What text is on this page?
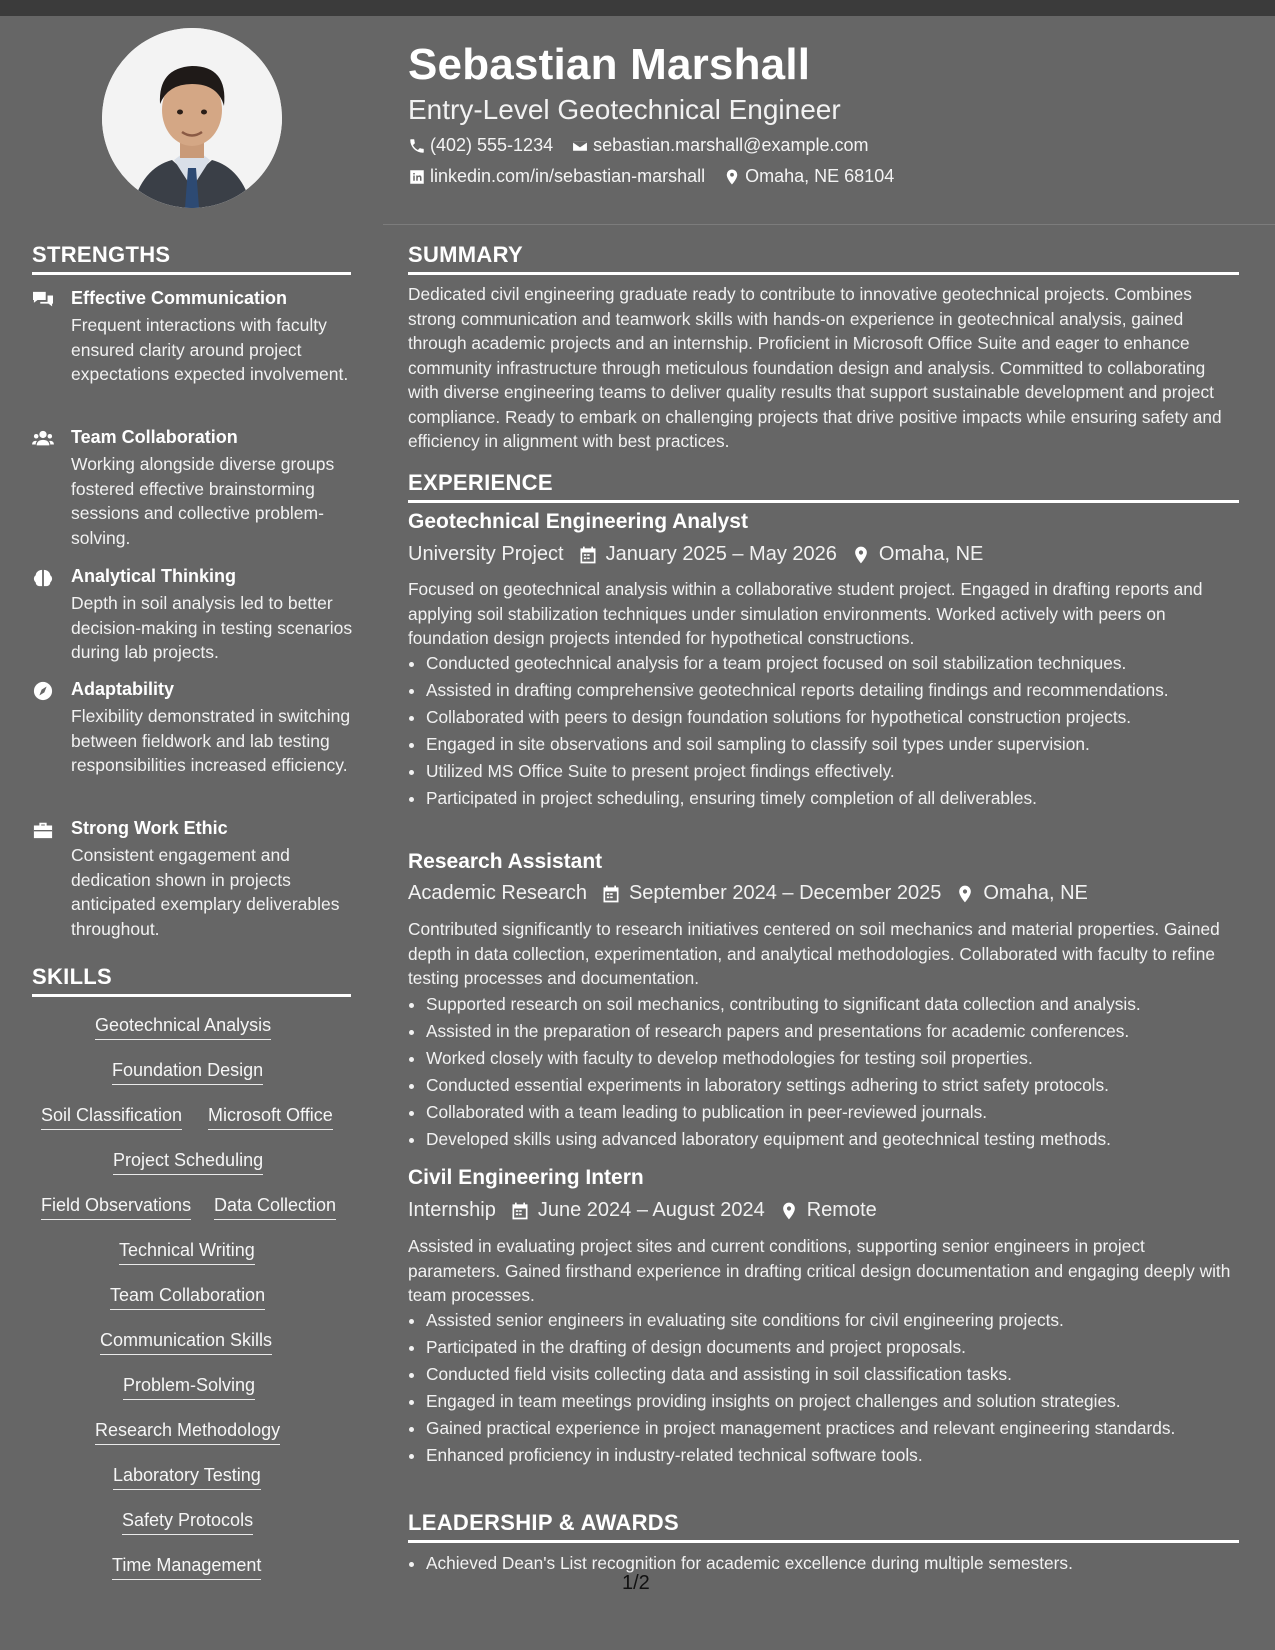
Sebastian Marshall
Entry-Level Geotechnical Engineer
(402) 555-1234 sebastian.marshall@example.com
linkedin.com/in/sebastian-marshall Omaha, NE 68104
STRENGTHS
Effective Communication
Frequent interactions with faculty ensured clarity around project expectations expected involvement.
Team Collaboration
Working alongside diverse groups fostered effective brainstorming sessions and collective problem-solving.
Analytical Thinking
Depth in soil analysis led to better decision-making in testing scenarios during lab projects.
Adaptability
Flexibility demonstrated in switching between fieldwork and lab testing responsibilities increased efficiency.
Strong Work Ethic
Consistent engagement and dedication shown in projects anticipated exemplary deliverables throughout.
SKILLS
Geotechnical Analysis
Foundation Design
Soil Classification Microsoft Office
Project Scheduling
Field Observations Data Collection
Technical Writing
Team Collaboration
Communication Skills
Problem-Solving
Research Methodology
Laboratory Testing
Safety Protocols
Time Management
SUMMARY
Dedicated civil engineering graduate ready to contribute to innovative geotechnical projects. Combines strong communication and teamwork skills with hands-on experience in geotechnical analysis, gained through academic projects and an internship. Proficient in Microsoft Office Suite and eager to enhance community infrastructure through meticulous foundation design and analysis. Committed to collaborating with diverse engineering teams to deliver quality results that support sustainable development and project compliance. Ready to embark on challenging projects that drive positive impacts while ensuring safety and efficiency in alignment with best practices.
EXPERIENCE
Geotechnical Engineering Analyst
University Project January 2025 – May 2026 Omaha, NE
Focused on geotechnical analysis within a collaborative student project. Engaged in drafting reports and applying soil stabilization techniques under simulation environments. Worked actively with peers on foundation design projects intended for hypothetical constructions.
• Conducted geotechnical analysis for a team project focused on soil stabilization techniques.
• Assisted in drafting comprehensive geotechnical reports detailing findings and recommendations.
• Collaborated with peers to design foundation solutions for hypothetical construction projects.
• Engaged in site observations and soil sampling to classify soil types under supervision.
• Utilized MS Office Suite to present project findings effectively.
• Participated in project scheduling, ensuring timely completion of all deliverables.
Research Assistant
Academic Research September 2024 – December 2025 Omaha, NE
Contributed significantly to research initiatives centered on soil mechanics and material properties. Gained depth in data collection, experimentation, and analytical methodologies. Collaborated with faculty to refine testing processes and documentation.
• Supported research on soil mechanics, contributing to significant data collection and analysis.
• Assisted in the preparation of research papers and presentations for academic conferences.
• Worked closely with faculty to develop methodologies for testing soil properties.
• Conducted essential experiments in laboratory settings adhering to strict safety protocols.
• Collaborated with a team leading to publication in peer-reviewed journals.
• Developed skills using advanced laboratory equipment and geotechnical testing methods.
Civil Engineering Intern
Internship June 2024 – August 2024 Remote
Assisted in evaluating project sites and current conditions, supporting senior engineers in project parameters. Gained firsthand experience in drafting critical design documentation and engaging deeply with team processes.
• Assisted senior engineers in evaluating site conditions for civil engineering projects.
• Participated in the drafting of design documents and project proposals.
• Conducted field visits collecting data and assisting in soil classification tasks.
• Engaged in team meetings providing insights on project challenges and solution strategies.
• Gained practical experience in project management practices and relevant engineering standards.
• Enhanced proficiency in industry-related technical software tools.
LEADERSHIP & AWARDS
• Achieved Dean's List recognition for academic excellence during multiple semesters.
1/2
